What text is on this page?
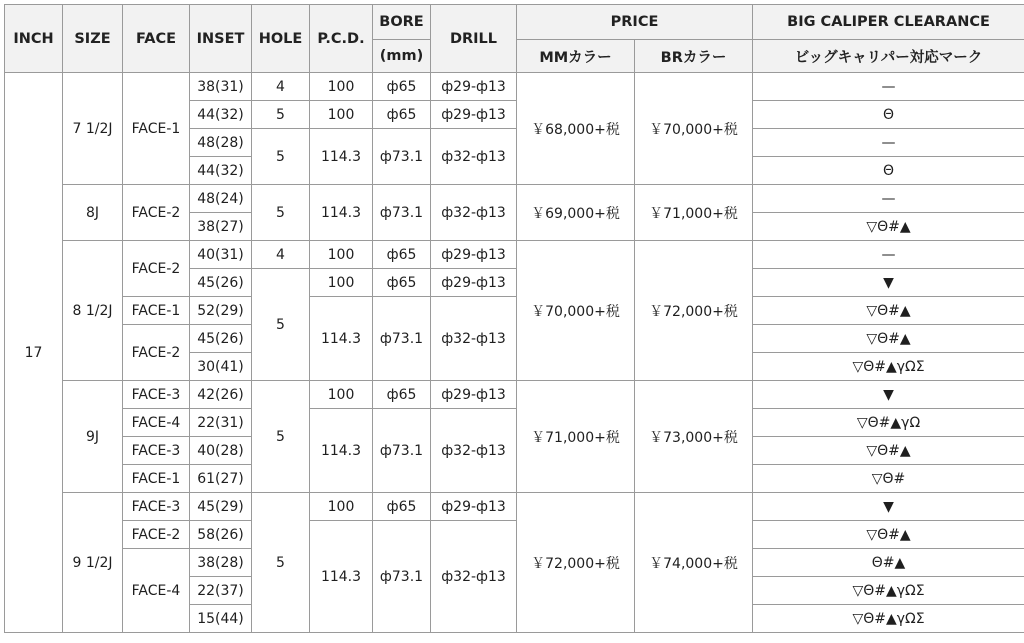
INCH	SIZE	FACE	INSET	HOLE	P.C.D.	BORE	DRILL	PRICE		BIG CALIPER CLEARANCE
						(mm)		MMカラー	BRカラー	ビッグキャリパー対応マーク
17	7 1/2J	FACE-1	38(31)	4	100	ф65	ф29-ф13	￥68,000+税	￥70,000+税	—
			44(32)	5	100	ф65	ф29-ф13			Θ
			48(28)	5	114.3	ф73.1	ф32-ф13			—
			44(32)							Θ
	8J	FACE-2	48(24)	5	114.3	ф73.1	ф32-ф13	￥69,000+税	￥71,000+税	—
			38(27)							▽Θ#▲
	8 1/2J	FACE-2	40(31)	4	100	ф65	ф29-ф13	￥70,000+税	￥72,000+税	—
			45(26)	5	100	ф65	ф29-ф13			▼
		FACE-1	52(29)		114.3	ф73.1	ф32-ф13			▽Θ#▲
		FACE-2	45(26)							▽Θ#▲
			30(41)							▽Θ#▲γΩΣ
	9J	FACE-3	42(26)	5	100	ф65	ф29-ф13	￥71,000+税	￥73,000+税	▼
		FACE-4	22(31)		114.3	ф73.1	ф32-ф13			▽Θ#▲γΩ
		FACE-3	40(28)							▽Θ#▲
		FACE-1	61(27)							▽Θ#
	9 1/2J	FACE-3	45(29)	5	100	ф65	ф29-ф13	￥72,000+税	￥74,000+税	▼
		FACE-2	58(26)		114.3	ф73.1	ф32-ф13			▽Θ#▲
		FACE-4	38(28)							Θ#▲
			22(37)							▽Θ#▲γΩΣ
			15(44)							▽Θ#▲γΩΣ
